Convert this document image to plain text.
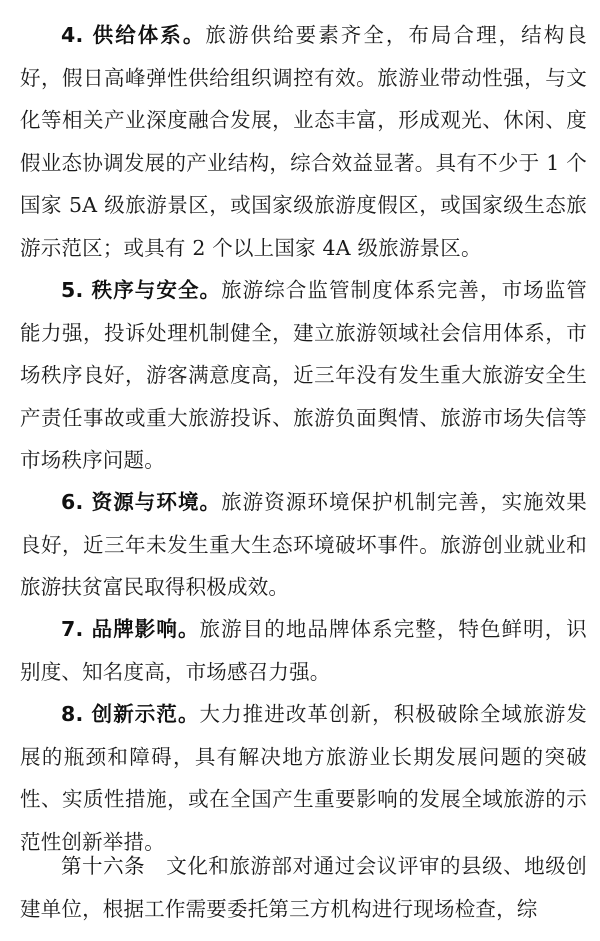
4. 供给体系。旅游供给要素齐全，布局合理，结构良好，假日高峰弹性供给组织调控有效。旅游业带动性强，与文化等相关产业深度融合发展，业态丰富，形成观光、休闲、度假业态协调发展的产业结构，综合效益显著。具有不少于 1 个国家 5A 级旅游景区，或国家级旅游度假区，或国家级生态旅游示范区；或具有 2 个以上国家 4A 级旅游景区。

5. 秩序与安全。旅游综合监管制度体系完善，市场监管能力强，投诉处理机制健全，建立旅游领域社会信用体系，市场秩序良好，游客满意度高，近三年没有发生重大旅游安全生产责任事故或重大旅游投诉、旅游负面舆情、旅游市场失信等市场秩序问题。

6. 资源与环境。旅游资源环境保护机制完善，实施效果良好，近三年未发生重大生态环境破坏事件。旅游创业就业和旅游扶贫富民取得积极成效。

7. 品牌影响。旅游目的地品牌体系完整，特色鲜明，识别度、知名度高，市场感召力强。

8. 创新示范。大力推进改革创新，积极破除全域旅游发展的瓶颈和障碍，具有解决地方旅游业长期发展问题的突破性、实质性措施，或在全国产生重要影响的发展全域旅游的示范性创新举措。

第十六条　文化和旅游部对通过会议评审的县级、地级创建单位，根据工作需要委托第三方机构进行现场检查，综
